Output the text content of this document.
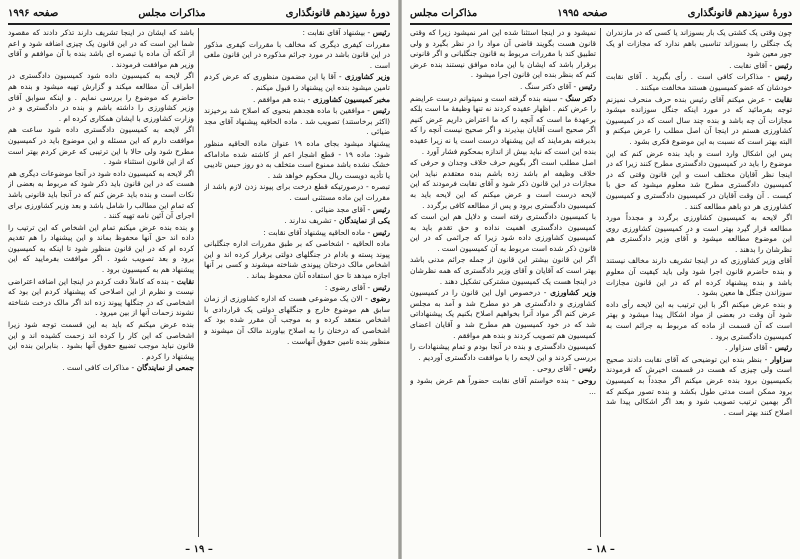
دورهٔ سیزدهم قانونگذاری
مذاکرات مجلس
صفحه ۱۹۹۶

رئیس - بیشنهاد آقای نقابت :

مقررات کیفری دیگری که مخالف با مقررات کیفری مذکور در این قانون باشد در مورد جرائم مذکوره در این قانون ملغی است .

وزیر کشاورزی - آقا یا این مضمون منظوری که عرض کردم تامین میشود بنده این پیشنهاد را قبول میکنم .

مخبر کمیسیون کشاورزی - بنده هم موافقم .

رئیس - موافقین با ماده هجدهم بنحوی که اصلاح شد برخیزند (اکثر برخاستند) تصویب شد . ماده الحاقیه پیشنهاد آقای مجد ضیائی .

پیشنهاد میشود بجای ماده ۱۹ عنوان ماده الحاقیه منظور شود: ماده ۱۹ - قطع اشجار اعم از کاشته شده ماداماکه خشک نشده باشد ممنوع است متخلف به دو روز حبس تادیبی یا تأدیه دویست ریال محکوم خواهد شد .

تبصره - درصورتیکه قطع درخت برای پیوند زدن لازم باشد از مقررات این ماده مستثنی است .

رئیس - آقای مجد ضیائی .

یکی از نمایندگان - تشریف ندارند .

رئیس - ماده الحاقیه پیشنهاد آقای نقابت :

ماده الحاقیه - اشخاصی که بر طبق مقررات اداره جنگلبانی پیوند پسته و بادام در جنگلهای دولتی برقرار کرده اند و این اشخاص مالک درختان پیوندی شناخته میشوند و کسی بر آنها اجازه میدهد تا حق استفاده آنان محفوظ بماند .

رئیس - آقای رضوی :

رضوی - الان یک موضوعی هست که اداره کشاورزی از زمان سابق هم موضوع خارج و جنگلهای دولتی یک قراردادی با اشخاص منعقد کرده و به موجب آن مقرر شده بود که اشخاصی که درختان را به اصلاح بیاورند مالک آن میشوند و منظور بنده تامین حقوق آنهاست .

باشد که ایشان در اینجا تشریف دارند تذکر دادند که مقصود شما این است که در این قانون یک چیزی اضافه شود و اعم از آنکه آن ماده یا تبصره ای باشد بنده با آن موافقم و آقای وزیر هم موافقت فرمودند .

اگر لایحه به کمیسیون داده شود کمیسیون دادگستری در اطراف آن مطالعه میکند و گزارش تهیه میشود و بنده هم حاضرم که موضوع را بررسی نمایم . و اینکه سوابق آقای وزیر کشاورزی را داشته باشم و بنده در دادگستری و در وزارت کشاورزی با ایشان همکاری کرده ام .

اگر لایحه به کمیسیون دادگستری داده شود ساعت هم موافقت دارم که این مسئله و این موضوع باید در کمیسیون مطرح شود ولی حالا با این ترتیبی که عرض کردم بهتر است که از این قانون استثناء شود .

اگر لایحه به کمیسیون داده شود در آنجا موضوعات دیگری هم هست که در این قانون باید ذکر شود که مربوط به بعضی از نکات است و بنده باید عرض کنم که در آنجا باید قانونی باشد که تمام این مطالب را شامل باشد و بعد وزیر کشاورزی برای اجرای آن آئین نامه تهیه کنند .

و بنده بنده عرض میکنم تمام این اشخاص که این ترتیب را داده اند حق آنها محفوظ بماند و این پیشنهاد را هم تقدیم کرده ام که در این قانون منظور شود تا اینکه به کمیسیون برود و بعد تصویب شود . اگر موافقت بفرمایید که این پیشنهاد هم به کمیسیون برود .

نقابت - بنده که کاملاً دقت کردم در اینجا این اضافه اعتراضی نیست و نظرم از این اصلاحی که پیشنهاد کردم این بود که اشخاصی که در جنگلها پیوند زده اند اگر مالک درخت شناخته نشوند زحمات آنها از بین میرود .

بنده عرض میکنم که باید به این قسمت توجه شود زیرا اشخاصی که این کار را کرده اند زحمت کشیده اند و این قانون نباید موجب تضییع حقوق آنها بشود . بنابراین بنده این پیشنهاد را کردم .

جمعی از نمایندگان - مذاکرات کافی است .

– ۱۹ –
دورهٔ سیزدهم قانونگذاری
صفحه ۱۹۹۵
مذاکرات مجلس

چون وقتی یک کشتی یک بار بسوزاند یا کسی که در مازندران یک جنگلی را بسوزاند تناسبی باهم ندارد که مجازات او یک جور معین شود

رئیس - آقای نقابت .

رئیس - مذاکرات کافی است . رأی بگیرید . آقای نقابت خودشان که عضو کمیسیون هستند مخالفت میکنند .

نقابت - عرض میکنم آقای رئیس بنده حرف منحرف نمیزنم توجه بفرمائید که در مورد اینکه جنگل سوزانده میشود مجازات آن چه باشد و بنده چند سال است که در کمیسیون کشاورزی هستم در اینجا آن اصل مطلب را عرض میکنم و البته بهتر است که نسبت به این موضوع فکری بشود .

پس این اشکال وارد است و باید بنده عرض کنم که این موضوع را باید در کمیسیون دادگستری مطرح کنند زیرا که در اینجا نظر آقایان مختلف است و این قانون وقتی که در کمیسیون دادگستری مطرح شد معلوم میشود که حق با کیست . آن وقت آقایان در کمیسیون دادگستری و کمیسیون کشاورزی هر دو باهم مطالعه کنند .

اگر لایحه به کمیسیون کشاورزی برگردد و مجدداً مورد مطالعه قرار گیرد بهتر است و در کمیسیون کشاورزی روی این موضوع مطالعه میشود و آقای وزیر دادگستری هم نظرشان را بدهند .

آقای وزیر کشاورزی که در اینجا تشریف دارند مخالف نیستند و بنده حاضرم قانون اجرا شود ولی باید کیفیت آن معلوم باشد و بنده پیشنهاد کرده ام که در این قانون مجازات سوزاندن جنگل ها معین بشود .

و بنده عرض میکنم اگر با این ترتیب به این لایحه رأی داده شود آن وقت در بعضی از مواد اشکال پیدا میشود و بهتر است که آن قسمت از ماده که مربوط به جرائم است به کمیسیون دادگستری برود .

رئیس - آقای سزاوار .

سزاوار - بنظر بنده این توضیحی که آقای نقابت دادند صحیح است ولی چیزی که هست در قسمت اخیرش که فرمودند بکمیسیون برود بنده عرض میکنم اگر مجدداً به کمیسیون برود ممکن است مدتی طول بکشد و بنده تصور میکنم که اگر بهمین ترتیب تصویب شود و بعد اگر اشکالی پیدا شد اصلاح کنند بهتر است .

نمیشود و در اینجا استثنا شده این امر نمیشود زیرا که وقتی قانون هست بگویند قاضی آن مواد را در نظر بگیرد و ولی تطبیق کند با مقررات مربوط به قانون جنگلبانی و اگر قانونی برقرار باشد که ایشان با این ماده موافق نیستند بنده عرض کنم که بنظر بنده این قانون اجرا میشود .

رئیس - آقای دکتر سنگ .

دکتر سنگ - سینه بنده گرفته است و نمیتوانم درست عرایضم را عرض کنم . اظهار عقیده کردند نه تنها وظیفهٔ ما است بلکه برعهدهٔ ما است که آنچه را که ما اعتراض داریم عرض کنیم اگر صحیح است آقایان بپذیرند و اگر صحیح نیست آنچه را که بدبرفته بفرمایند که این پیشنهاد درست است یا نه زیرا عقیده بنده این است که نباید بیش از اندازه بمحکوم فشار آورد .

اصل مطلب است اگر بگویم حرف خلاف وجدان و حرفی که خلاف وظیفه ام باشد زده باشم بنده معتقدم نباید این مجازات در این قانون ذکر شود و آقای نقابت فرمودند که این لایحه درست است و عرض میکنم که این لایحه باید به کمیسیون دادگستری برود و پس از مطالعه کافی برگردد .

با کمیسیون دادگستری رفته است و دلایل هم این است که کمیسیون دادگستری اهمیت نداده و حق تقدم باید به کمیسیون کشاورزی داده شود زیرا که جرائمی که در این قانون ذکر شده است مربوط به آن کمیسیون است .

اگر این قانون بیشتر این قانون از جمله جرائم مدنی باشد بهتر است که آقایان و آقای وزیر دادگستری که همه نظرشان در اینجا هست یک کمیسیون مشترکی تشکیل دهند .

وزیر کشاورزی - درخصوص اول این قانون را در کمیسیون کشاورزی و دادگستری هر دو مطرح شد و آمد به مجلس عرض کنم اگر مواد آنرا بخواهیم اصلاح بکنیم یک پیشنهاداتی شد که در خود کمیسیون هم مطرح شد و آقایان اعضای کمیسیون هم تصویب کردند و بنده هم موافقم .

کمیسیون دادگستری و بنده در آنجا بودم و تمام پیشنهادات را بررسی کردند و این لایحه را با موافقت دادگستری آوردیم .

رئیس - آقای روحی .

روحی - بنده خواستم آقای نقابت حضوراً هم عرض بشود و ...

– ۱۸ –
